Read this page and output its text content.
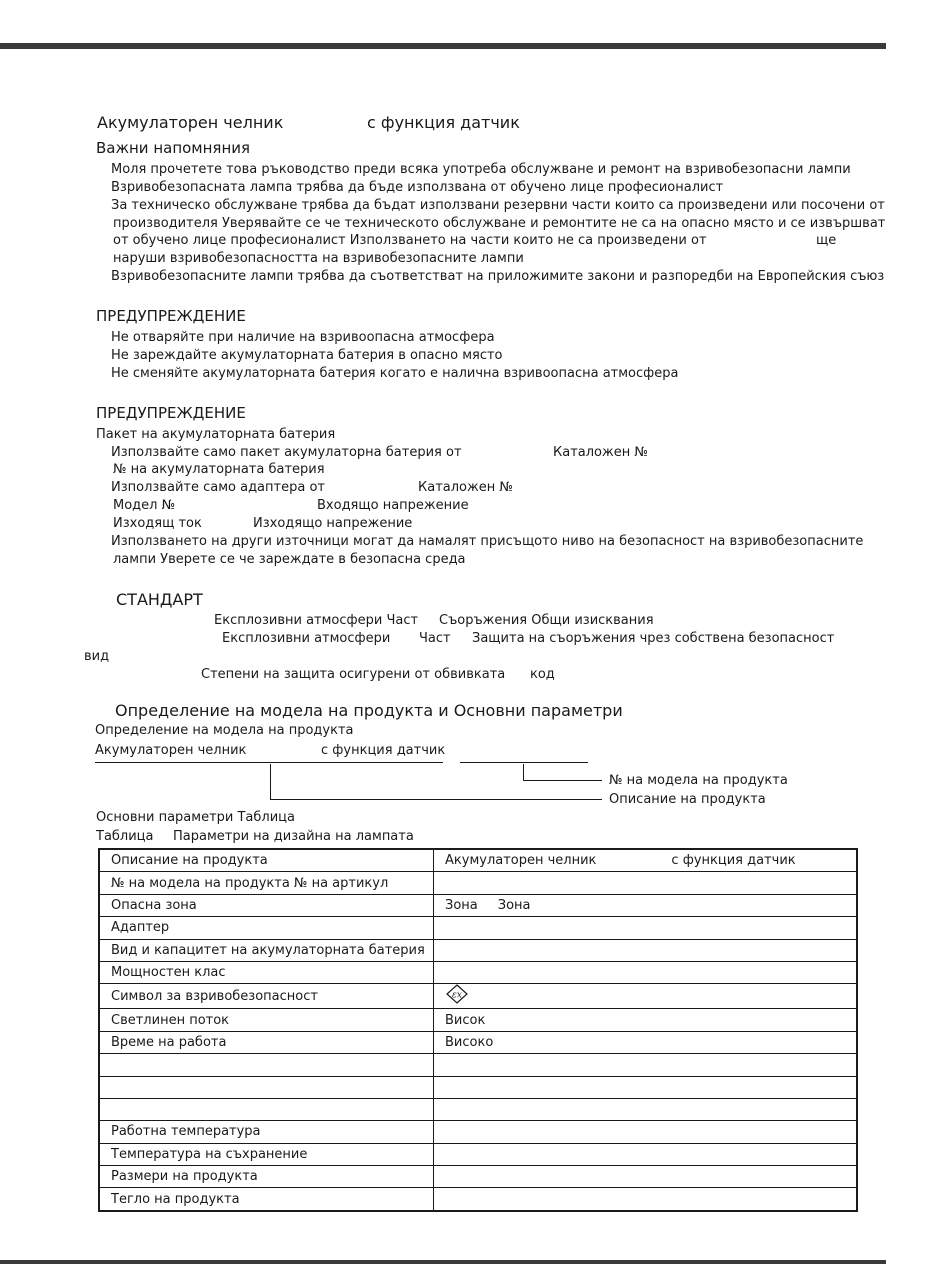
Акумулаторен челник	с функция датчик
Важни напомняния
Моля прочетете това ръководство преди всяка употреба обслужване и ремонт на взривобезопасни лампи
Взривобезопасната лампа трябва да бъде използвана от обучено лице професионалист
За техническо обслужване трябва да бъдат използвани резервни части които са произведени или посочени от
производителя Уверявайте се че техническото обслужване и ремонтите не са на опасно място и се извършват
от обучено лице професионалист Използването на части които не са произведени от	ще
наруши взривобезопасността на взривобезопасните лампи
Взривобезопасните лампи трябва да съответстват на приложимите закони и разпоредби на Европейския съюз
ПРЕДУПРЕЖДЕНИЕ
Не отваряйте при наличие на взривоопасна атмосфера
Не зареждайте акумулаторната батерия в опасно място
Не сменяйте акумулаторната батерия когато е налична взривоопасна атмосфера
ПРЕДУПРЕЖДЕНИЕ
Пакет на акумулаторната батерия
Използвайте само пакет акумулаторна батерия от	Каталожен №
№ на акумулаторната батерия
Използвайте само адаптера от	Каталожен №
Модел №	Входящо напрежение
Изходящ ток	Изходящо напрежение
Използването на други източници могат да намалят присъщото ниво на безопасност на взривобезопасните
лампи Уверете се че зареждате в безопасна среда
СТАНДАРТ
Експлозивни атмосфери Част Съоръжения Общи изисквания
Експлозивни атмосфери Част Защита на съоръжения чрез собствена безопасност
вид
Степени на защита осигурени от обвивката код
Определение на модела на продукта и Основни параметри
Определение на модела на продукта
Акумулаторен челник	с функция датчик
№ на модела на продукта
Описание на продукта
Основни параметри Таблица
Таблица Параметри на дизайна на лампата
Описание на продукта	Акумулаторен челник с функция датчик
№ на модела на продукта № на артикул	
Опасна зона	Зона Зона
Адаптер	
Вид и капацитет на акумулаторната батерия	
Мощностен клас	
Символ за взривобезопасност	εx

Светлинен поток	Висок
Време на работа	Високо

Работна температура	
Температура на съхранение	
Размери на продукта	
Тегло на продукта	
